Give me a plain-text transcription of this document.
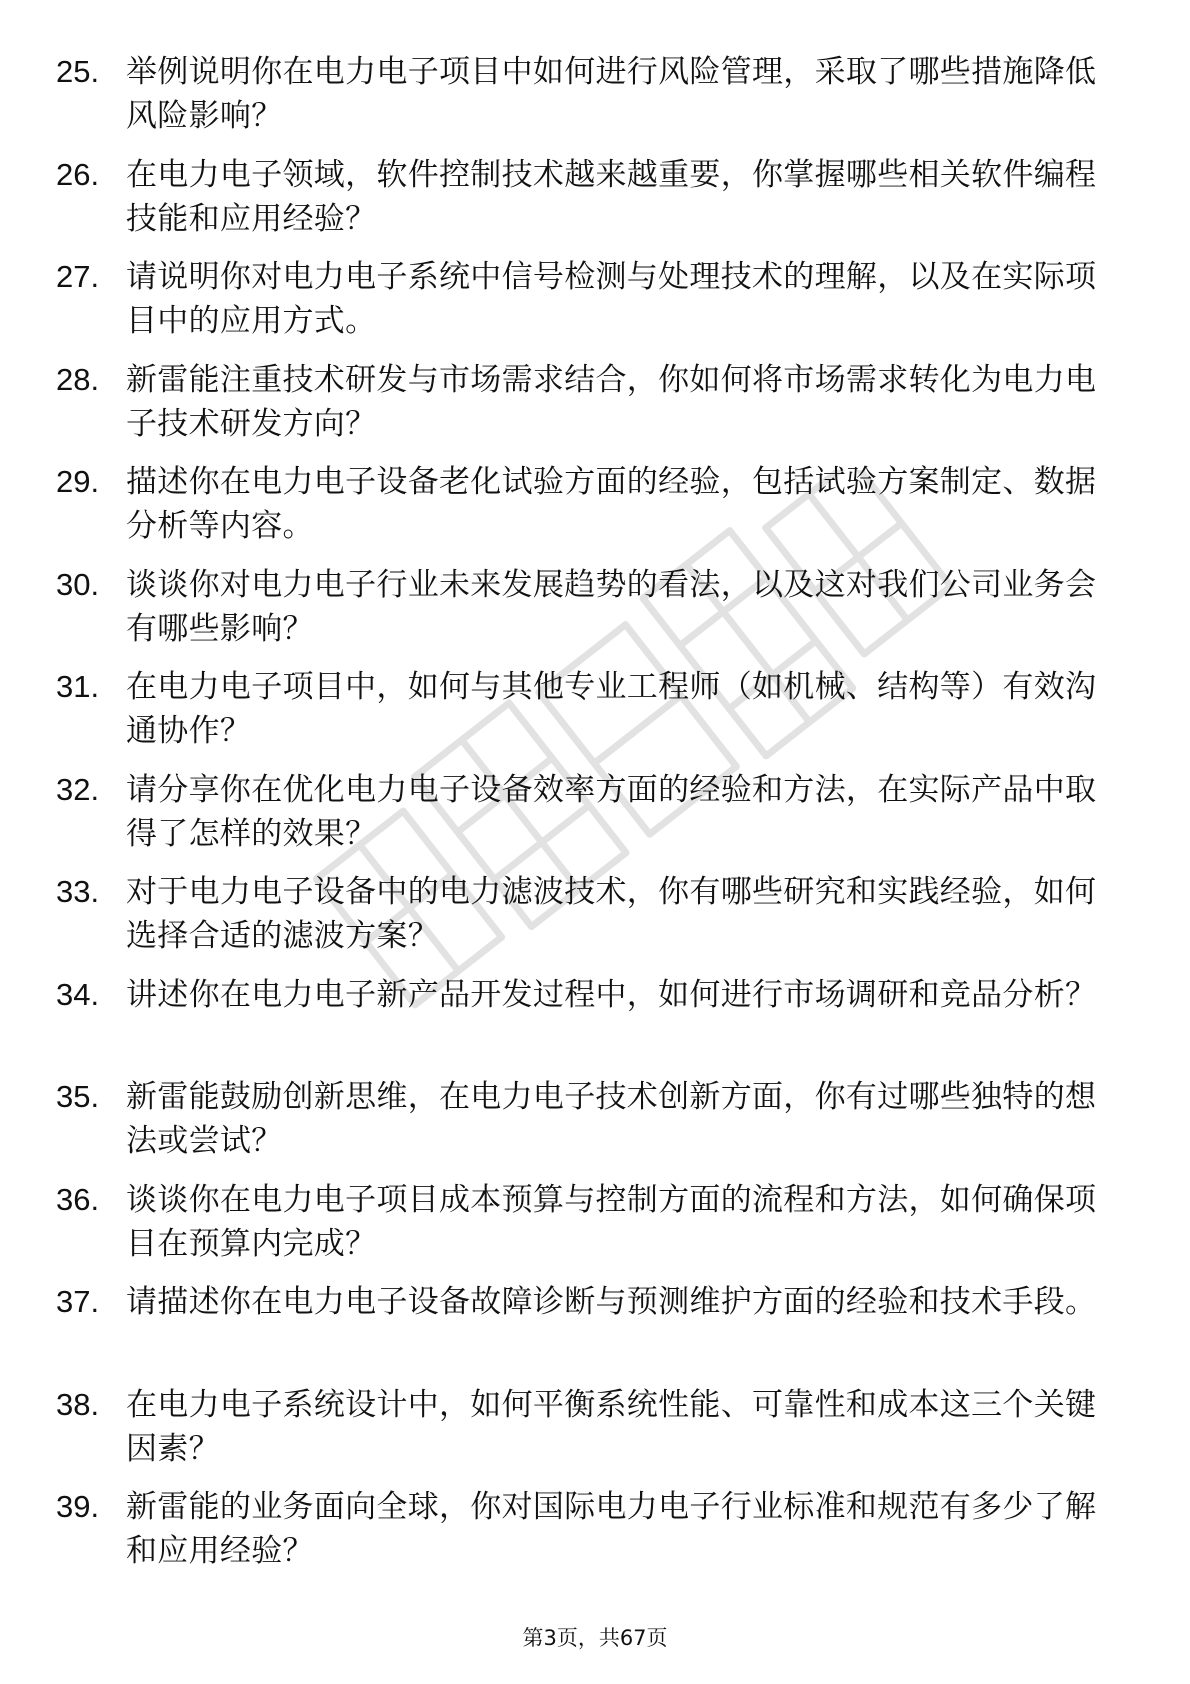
25. 举例说明你在电力电子项目中如何进行风险管理，采取了哪些措施降低风险影响？
26. 在电力电子领域，软件控制技术越来越重要，你掌握哪些相关软件编程技能和应用经验？
27. 请说明你对电力电子系统中信号检测与处理技术的理解，以及在实际项目中的应用方式。
28. 新雷能注重技术研发与市场需求结合，你如何将市场需求转化为电力电子技术研发方向？
29. 描述你在电力电子设备老化试验方面的经验，包括试验方案制定、数据分析等内容。
30. 谈谈你对电力电子行业未来发展趋势的看法，以及这对我们公司业务会有哪些影响？
31. 在电力电子项目中，如何与其他专业工程师（如机械、结构等）有效沟通协作？
32. 请分享你在优化电力电子设备效率方面的经验和方法，在实际产品中取得了怎样的效果？
33. 对于电力电子设备中的电力滤波技术，你有哪些研究和实践经验，如何选择合适的滤波方案？
34. 讲述你在电力电子新产品开发过程中，如何进行市场调研和竞品分析？
35. 新雷能鼓励创新思维，在电力电子技术创新方面，你有过哪些独特的想法或尝试？
36. 谈谈你在电力电子项目成本预算与控制方面的流程和方法，如何确保项目在预算内完成？
37. 请描述你在电力电子设备故障诊断与预测维护方面的经验和技术手段。
38. 在电力电子系统设计中，如何平衡系统性能、可靠性和成本这三个关键因素？
39. 新雷能的业务面向全球，你对国际电力电子行业标准和规范有多少了解和应用经验？
第3页，共67页
